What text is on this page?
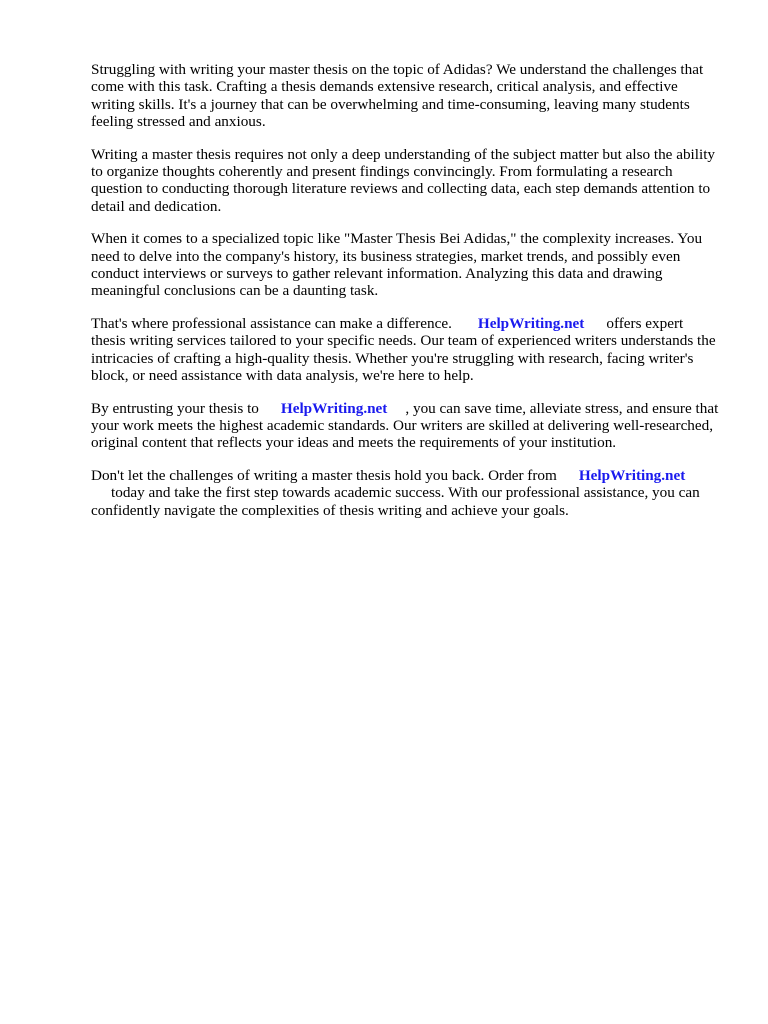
Struggling with writing your master thesis on the topic of Adidas? We understand the challenges that come with this task. Crafting a thesis demands extensive research, critical analysis, and effective writing skills. It's a journey that can be overwhelming and time-consuming, leaving many students feeling stressed and anxious.

Writing a master thesis requires not only a deep understanding of the subject matter but also the ability to organize thoughts coherently and present findings convincingly. From formulating a research question to conducting thorough literature reviews and collecting data, each step demands attention to detail and dedication.

When it comes to a specialized topic like "Master Thesis Bei Adidas," the complexity increases. You need to delve into the company's history, its business strategies, market trends, and possibly even conduct interviews or surveys to gather relevant information. Analyzing this data and drawing meaningful conclusions can be a daunting task.

That's where professional assistance can make a difference. HelpWriting.net offers expert thesis writing services tailored to your specific needs. Our team of experienced writers understands the intricacies of crafting a high-quality thesis. Whether you're struggling with research, facing writer's block, or need assistance with data analysis, we're here to help.

By entrusting your thesis to HelpWriting.net , you can save time, alleviate stress, and ensure that your work meets the highest academic standards. Our writers are skilled at delivering well-researched, original content that reflects your ideas and meets the requirements of your institution.

Don't let the challenges of writing a master thesis hold you back. Order from HelpWriting.net
today and take the first step towards academic success. With our professional assistance, you can confidently navigate the complexities of thesis writing and achieve your goals.
